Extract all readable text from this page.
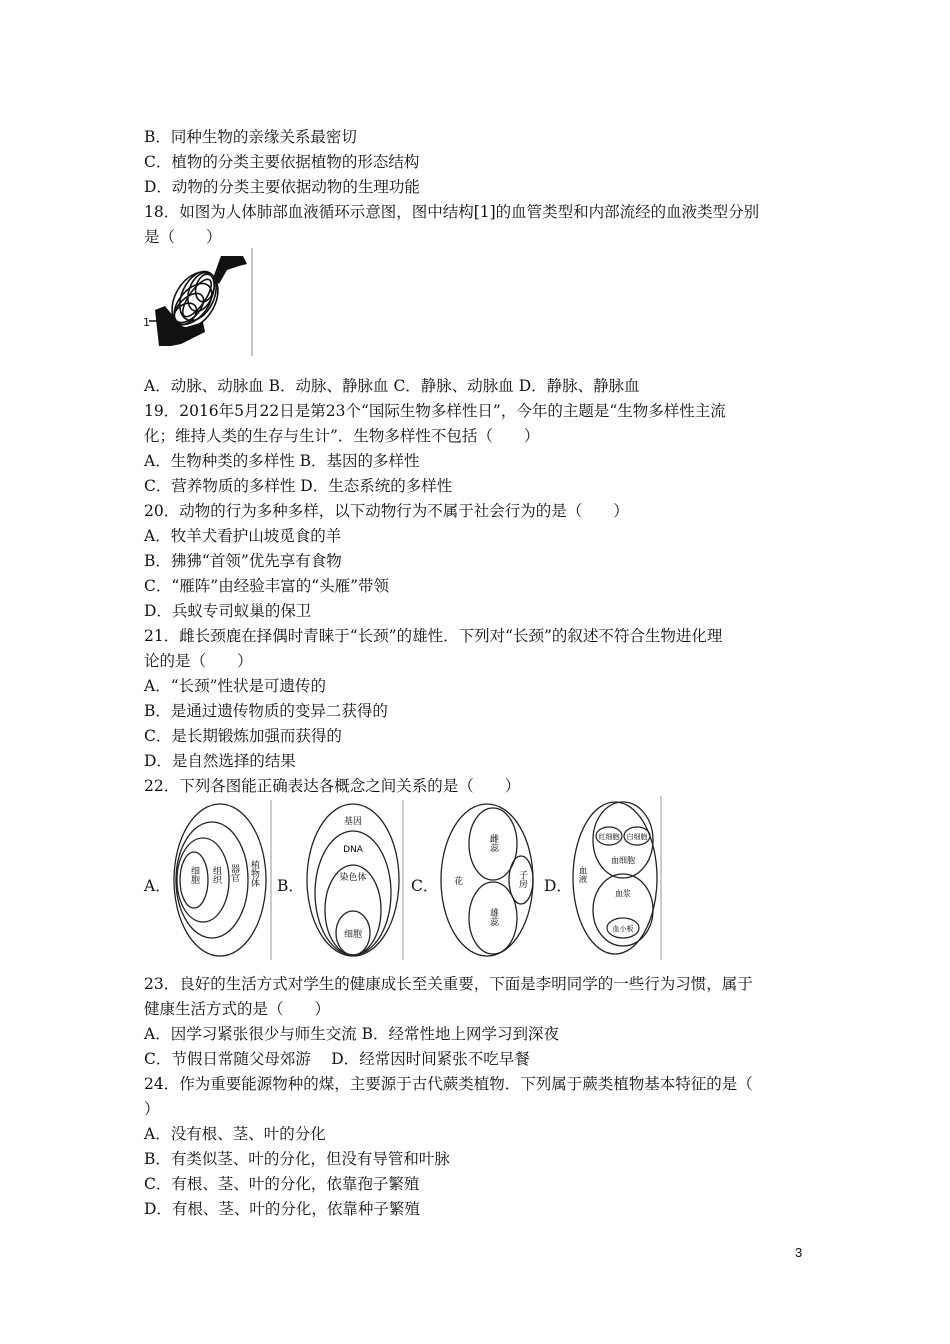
B．同种生物的亲缘关系最密切
C．植物的分类主要依据植物的形态结构
D．动物的分类主要依据动物的生理功能
18．如图为人体肺部血液循环示意图，图中结构[1]的血管类型和内部流经的血液类型分别
是（　　）
1
A．动脉、动脉血 B．动脉、静脉血 C．静脉、动脉血 D．静脉、静脉血
19．2016年5月22日是第23个“国际生物多样性日”，今年的主题是“生物多样性主流
化；维持人类的生存与生计”．生物多样性不包括（　　）
A．生物种类的多样性 B．基因的多样性
C．营养物质的多样性 D．生态系统的多样性
20．动物的行为多种多样，以下动物行为不属于社会行为的是（　　）
A．牧羊犬看护山坡觅食的羊
B．狒狒“首领”优先享有食物
C．“雁阵”由经验丰富的“头雁”带领
D．兵蚁专司蚁巢的保卫
21．雌长颈鹿在择偶时青睐于“长颈”的雄性．下列对“长颈”的叙述不符合生物进化理
论的是（　　）
A．“长颈”性状是可遗传的
B．是通过遗传物质的变异二获得的
C．是长期锻炼加强而获得的
D．是自然选择的结果
22．下列各图能正确表达各概念之间关系的是（　　）
A．	B．	C．	D．
细胞 组织 器官 植物体
基因
DNA
染色体
细胞
花
雌蕊
雄蕊
子房	血液
红细胞 白细胞
血细胞
血浆
血小板
23．良好的生活方式对学生的健康成长至关重要，下面是李明同学的一些行为习惯，属于
健康生活方式的是（　　）
A．因学习紧张很少与师生交流 B．经常性地上网学习到深夜
C．节假日常随父母郊游　 D．经常因时间紧张不吃早餐
24．作为重要能源物种的煤，主要源于古代蕨类植物．下列属于蕨类植物基本特征的是（
）
A．没有根、茎、叶的分化
B．有类似茎、叶的分化，但没有导管和叶脉
C．有根、茎、叶的分化，依靠孢子繁殖
D．有根、茎、叶的分化，依靠种子繁殖
3
